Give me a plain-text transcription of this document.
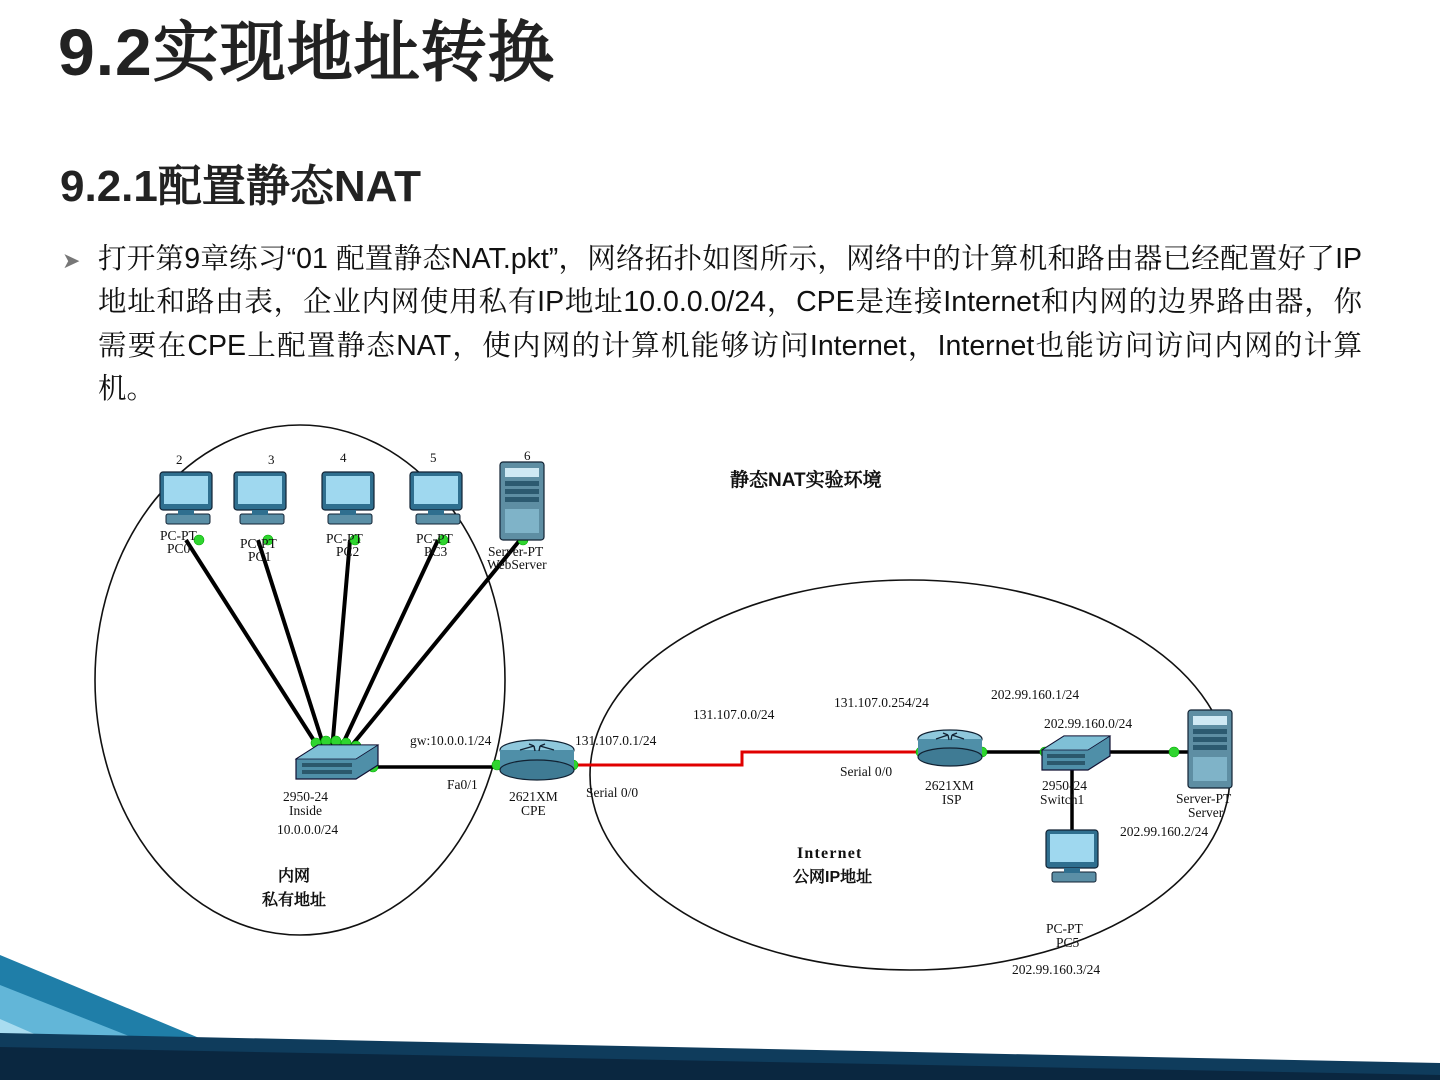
9.2实现地址转换
9.2.1配置静态NAT
➤ 打开第9章练习“01 配置静态NAT.pkt”，网络拓扑如图所示，网络中的计算机和路由器已经配置好了IP地址和路由表，企业内网使用私有IP地址10.0.0.0/24，CPE是连接Internet和内网的边界路由器，你需要在CPE上配置静态NAT，使内网的计算机能够访问Internet，Internet也能访问访问内网的计算机。
静态NAT实验环境
2	3	4	5	6
PC-PT
PC0	PC-PT
PC1
PC-PT
PC2
PC-PT
PC3	Server-PT
WebServer
2950-24
Inside
10.0.0.0/24
gw:10.0.0.1/24
Fa0/1
2621XM
CPE
131.107.0.1/24
Serial 0/0
131.107.0.0/24
131.107.0.254/24
Serial 0/0
2621XM
ISP
202.99.160.1/24
202.99.160.0/24
2950-24
Switch1	Server-PT
Server
202.99.160.2/24
PC-PT
PC5
202.99.160.3/24
内网
私有地址
Internet
公网IP地址
